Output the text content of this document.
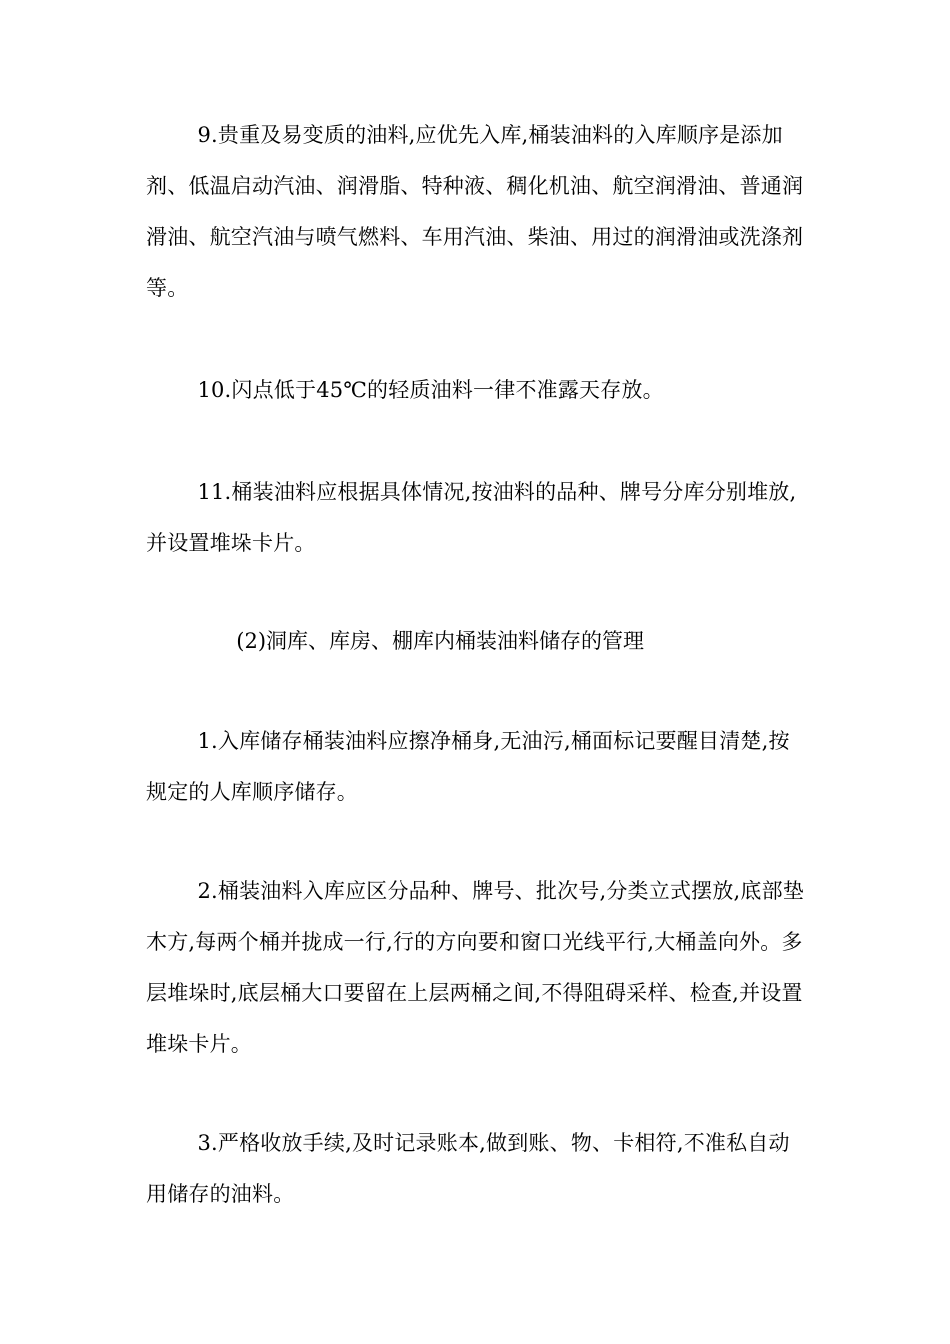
9.贵重及易变质的油料,应优先入库,桶装油料的入库顺序是添加剂、低温启动汽油、润滑脂、特种液、稠化机油、航空润滑油、普通润滑油、航空汽油与喷气燃料、车用汽油、柴油、用过的润滑油或洗涤剂等。

10.闪点低于45℃的轻质油料一律不准露天存放。

11.桶装油料应根据具体情况,按油料的品种、牌号分库分别堆放,并设置堆垛卡片。

(2)洞库、库房、棚库内桶装油料储存的管理

1.入库储存桶装油料应擦净桶身,无油污,桶面标记要醒目清楚,按规定的人库顺序储存。

2.桶装油料入库应区分品种、牌号、批次号,分类立式摆放,底部垫木方,每两个桶并拢成一行,行的方向要和窗口光线平行,大桶盖向外。多层堆垛时,底层桶大口要留在上层两桶之间,不得阻碍采样、检查,并设置堆垛卡片。

3.严格收放手续,及时记录账本,做到账、物、卡相符,不准私自动用储存的油料。
